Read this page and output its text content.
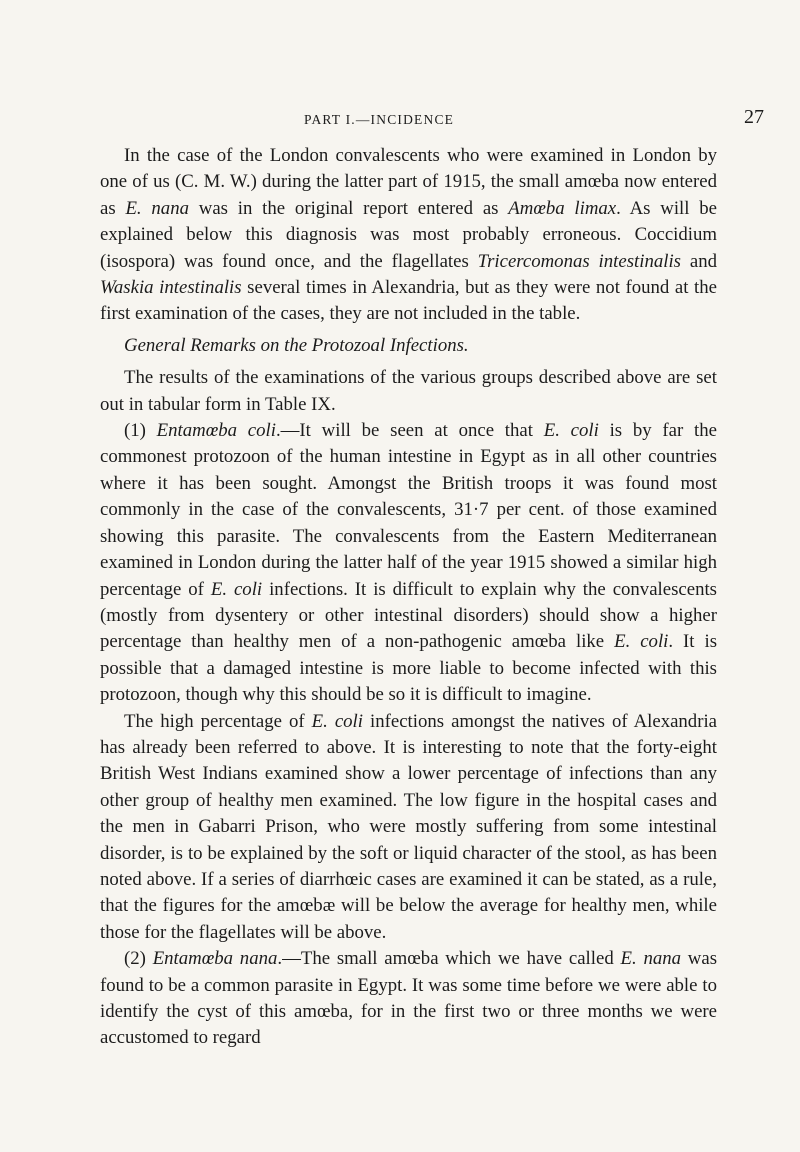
PART I.—INCIDENCE	27

In the case of the London convalescents who were examined in London by one of us (C. M. W.) during the latter part of 1915, the small amœba now entered as E. nana was in the original report entered as Amœba limax. As will be explained below this diagnosis was most probably erroneous. Coccidium (isospora) was found once, and the flagellates Tricercomonas intestinalis and Waskia intestinalis several times in Alexandria, but as they were not found at the first examination of the cases, they are not included in the table.

General Remarks on the Protozoal Infections.

The results of the examinations of the various groups described above are set out in tabular form in Table IX.

(1) Entamœba coli.—It will be seen at once that E. coli is by far the commonest protozoon of the human intestine in Egypt as in all other countries where it has been sought. Amongst the British troops it was found most commonly in the case of the convalescents, 31·7 per cent. of those examined showing this parasite. The convalescents from the Eastern Mediterranean examined in London during the latter half of the year 1915 showed a similar high percentage of E. coli infections. It is difficult to explain why the convalescents (mostly from dysentery or other intestinal disorders) should show a higher percentage than healthy men of a non-pathogenic amœba like E. coli. It is possible that a damaged intestine is more liable to become infected with this protozoon, though why this should be so it is difficult to imagine.

The high percentage of E. coli infections amongst the natives of Alexandria has already been referred to above. It is interesting to note that the forty-eight British West Indians examined show a lower percentage of infections than any other group of healthy men examined. The low figure in the hospital cases and the men in Gabarri Prison, who were mostly suffering from some intestinal disorder, is to be explained by the soft or liquid character of the stool, as has been noted above. If a series of diarrhœic cases are examined it can be stated, as a rule, that the figures for the amœbæ will be below the average for healthy men, while those for the flagellates will be above.

(2) Entamœba nana.—The small amœba which we have called E. nana was found to be a common parasite in Egypt. It was some time before we were able to identify the cyst of this amœba, for in the first two or three months we were accustomed to regard
